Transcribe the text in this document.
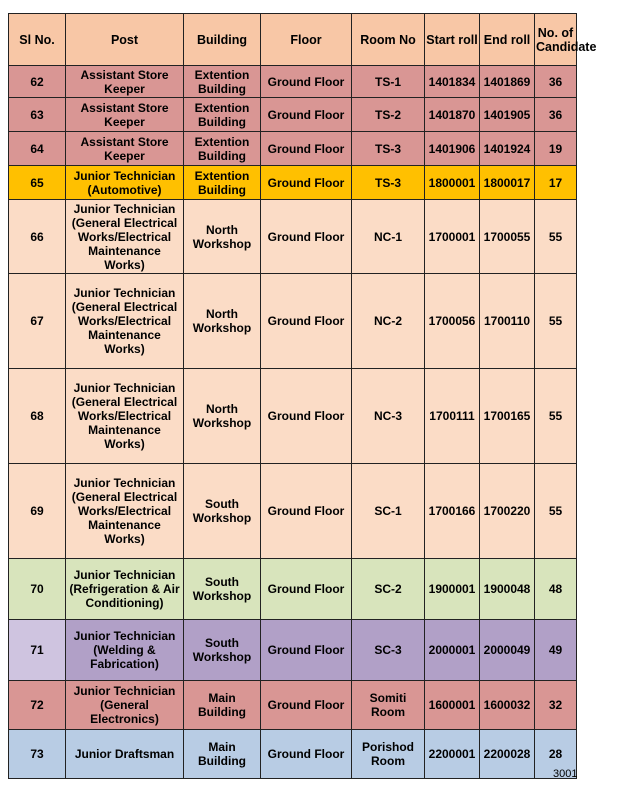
Sl No.	Post	Building	Floor	Room No	Start roll	End roll	No. of Candidate
62	Assistant Store Keeper	Extention Building	Ground Floor	TS-1	1401834	1401869	36
63	Assistant Store Keeper	Extention Building	Ground Floor	TS-2	1401870	1401905	36
64	Assistant Store Keeper	Extention Building	Ground Floor	TS-3	1401906	1401924	19
65	Junior Technician (Automotive)	Extention Building	Ground Floor	TS-3	1800001	1800017	17
66	Junior Technician (General Electrical Works/Electrical Maintenance Works)	North Workshop	Ground Floor	NC-1	1700001	1700055	55
67	Junior Technician (General Electrical Works/Electrical Maintenance Works)	North Workshop	Ground Floor	NC-2	1700056	1700110	55
68	Junior Technician (General Electrical Works/Electrical Maintenance Works)	North Workshop	Ground Floor	NC-3	1700111	1700165	55
69	Junior Technician (General Electrical Works/Electrical Maintenance Works)	South Workshop	Ground Floor	SC-1	1700166	1700220	55
70	Junior Technician (Refrigeration & Air Conditioning)	South Workshop	Ground Floor	SC-2	1900001	1900048	48
71	Junior Technician (Welding & Fabrication)	South Workshop	Ground Floor	SC-3	2000001	2000049	49
72	Junior Technician (General Electronics)	Main Building	Ground Floor	Somiti Room	1600001	1600032	32
73	Junior Draftsman	Main Building	Ground Floor	Porishod Room	2200001	2200028	28
3001
